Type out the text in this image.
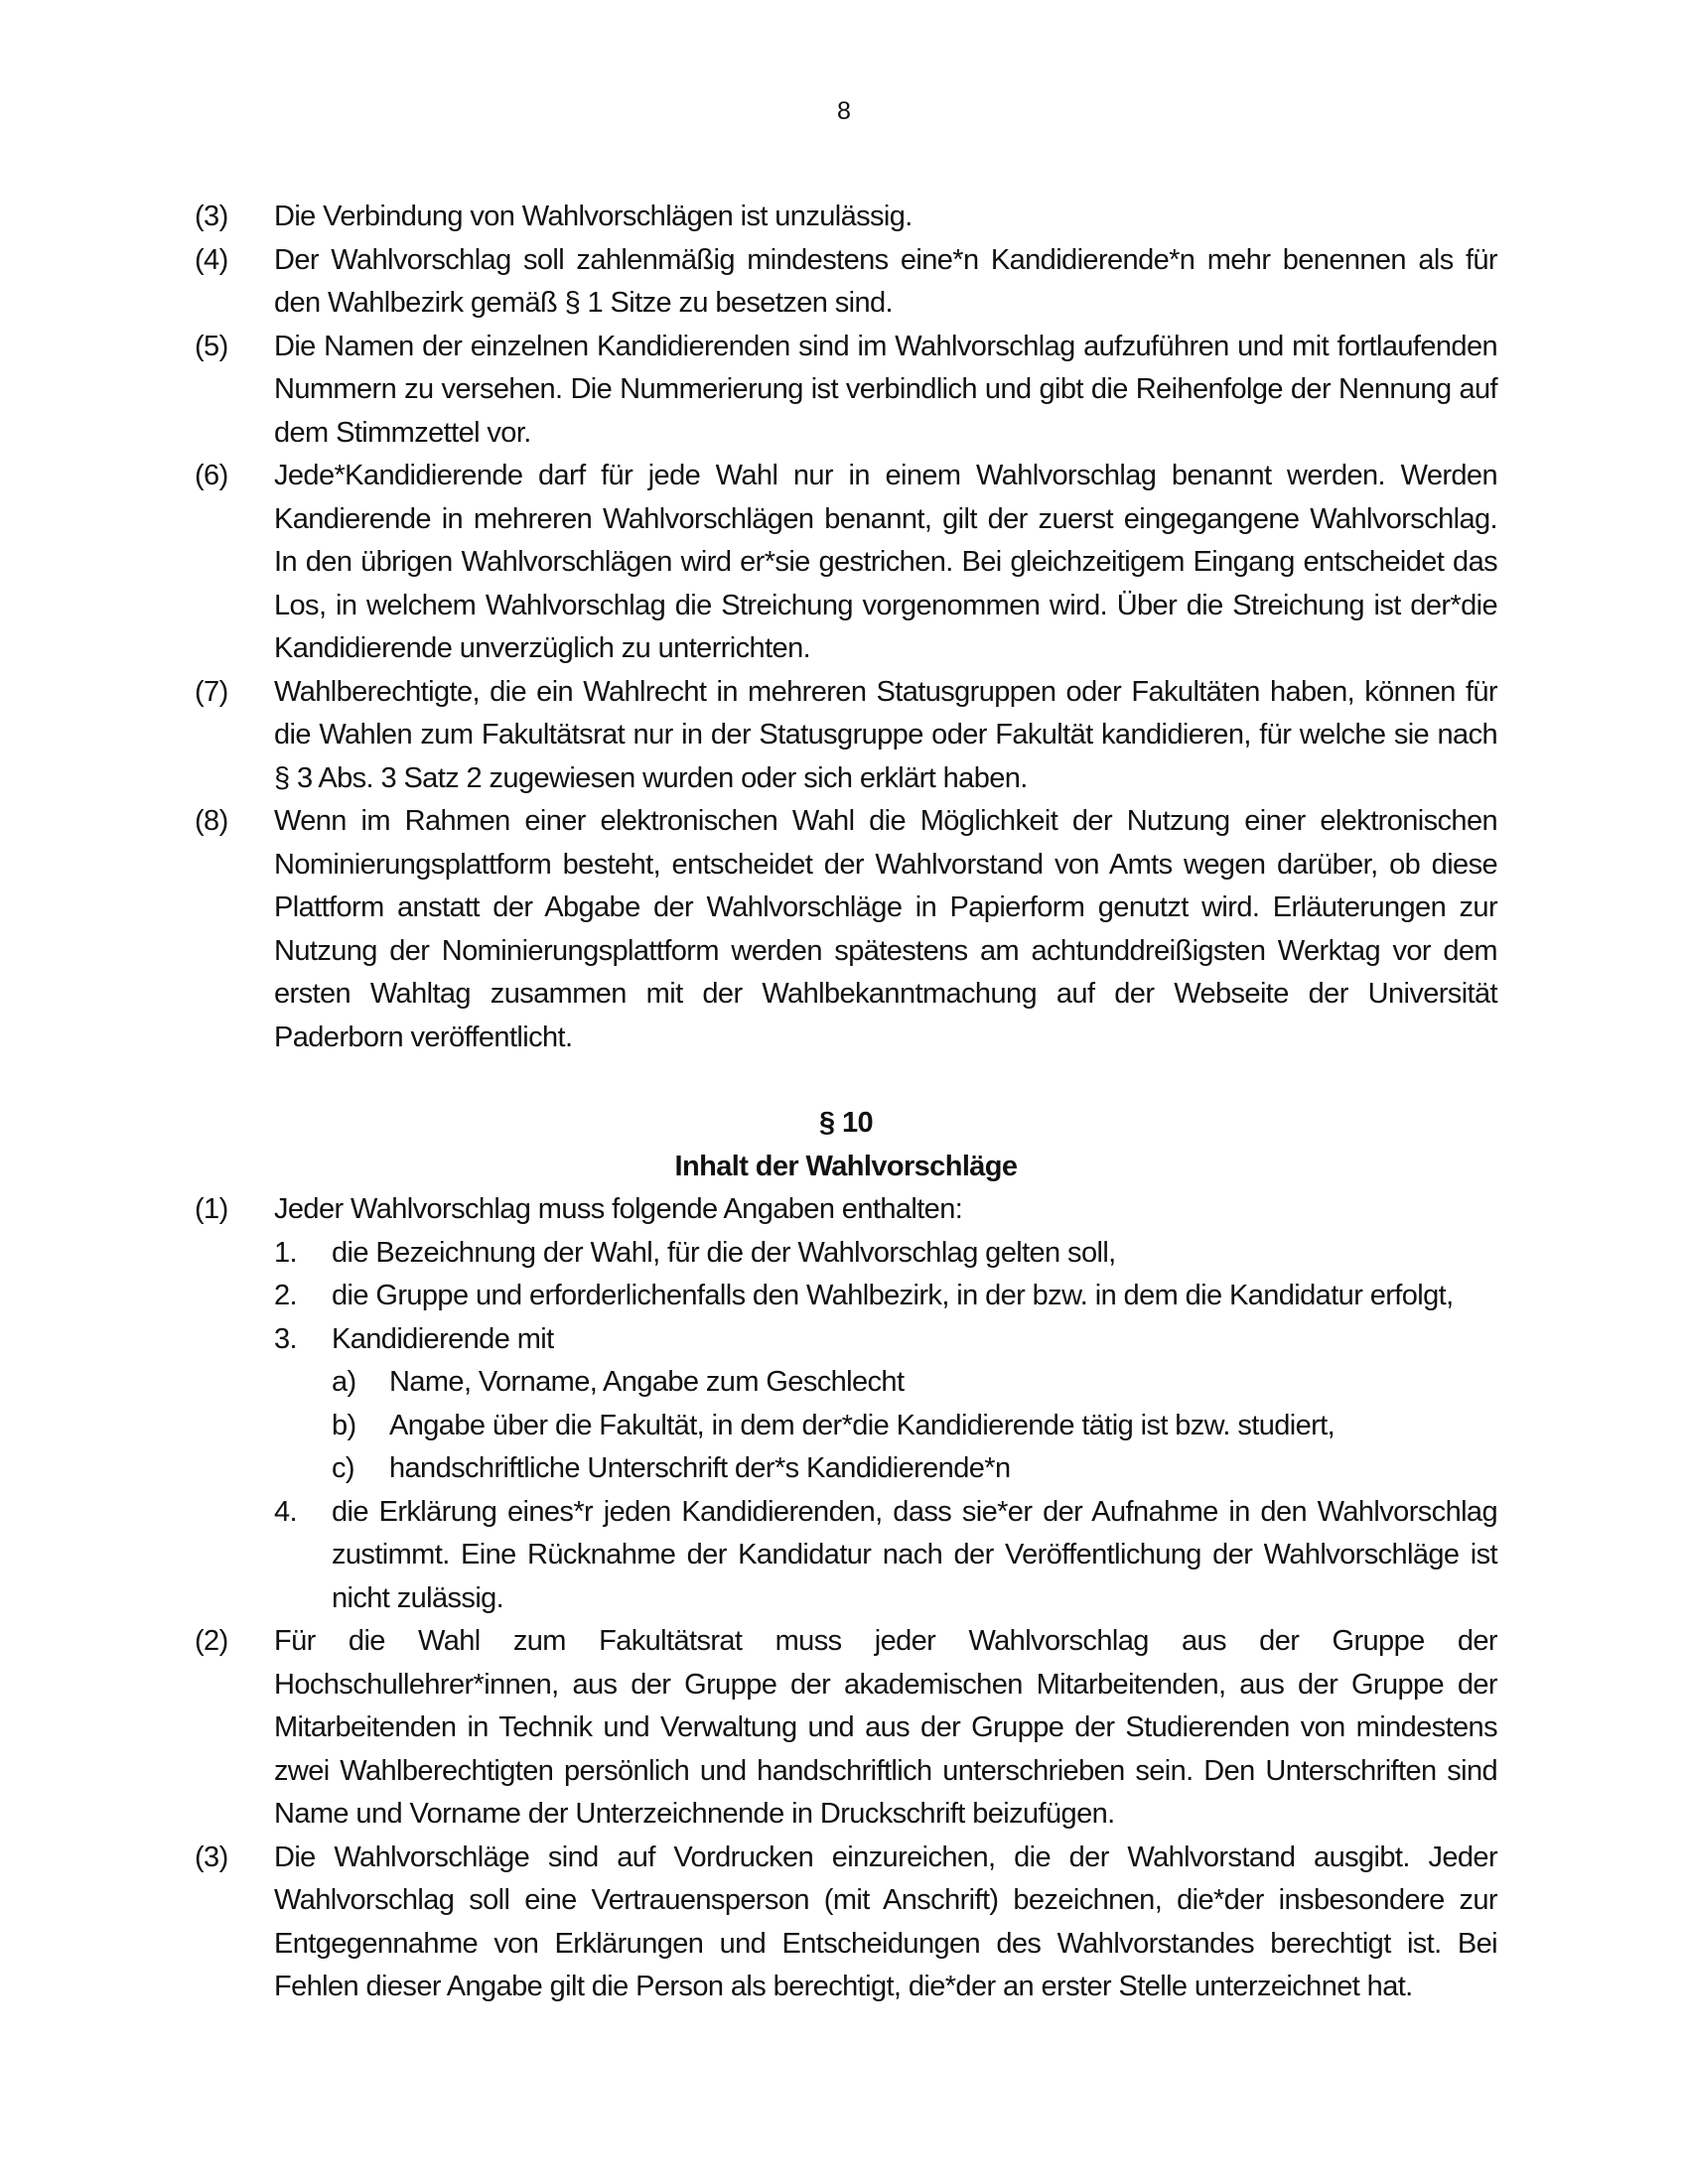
8
(3)	Die Verbindung von Wahlvorschlägen ist unzulässig.
(4)	Der Wahlvorschlag soll zahlenmäßig mindestens eine*n Kandidierende*n mehr benennen als für den Wahlbezirk gemäß § 1 Sitze zu besetzen sind.
(5)	Die Namen der einzelnen Kandidierenden sind im Wahlvorschlag aufzuführen und mit fortlaufenden Nummern zu versehen. Die Nummerierung ist verbindlich und gibt die Reihenfolge der Nennung auf dem Stimmzettel vor.
(6)	Jede*Kandidierende darf für jede Wahl nur in einem Wahlvorschlag benannt werden. Werden Kandierende in mehreren Wahlvorschlägen benannt, gilt der zuerst eingegangene Wahlvorschlag. In den übrigen Wahlvorschlägen wird er*sie gestrichen. Bei gleichzeitigem Eingang entscheidet das Los, in welchem Wahlvorschlag die Streichung vorgenommen wird. Über die Streichung ist der*die Kandidierende unverzüglich zu unterrichten.
(7)	Wahlberechtigte, die ein Wahlrecht in mehreren Statusgruppen oder Fakultäten haben, können für die Wahlen zum Fakultätsrat nur in der Statusgruppe oder Fakultät kandidieren, für welche sie nach § 3 Abs. 3 Satz 2 zugewiesen wurden oder sich erklärt haben.
(8)	Wenn im Rahmen einer elektronischen Wahl die Möglichkeit der Nutzung einer elektronischen Nominierungsplattform besteht, entscheidet der Wahlvorstand von Amts wegen darüber, ob diese Plattform anstatt der Abgabe der Wahlvorschläge in Papierform genutzt wird. Erläuterungen zur Nutzung der Nominierungsplattform werden spätestens am achtunddreißigsten Werktag vor dem ersten Wahltag zusammen mit der Wahlbekanntmachung auf der Webseite der Universität Paderborn veröffentlicht.
§ 10
Inhalt der Wahlvorschläge
(1)	Jeder Wahlvorschlag muss folgende Angaben enthalten:
1.	die Bezeichnung der Wahl, für die der Wahlvorschlag gelten soll,
2.	die Gruppe und erforderlichenfalls den Wahlbezirk, in der bzw. in dem die Kandidatur erfolgt,
3.	Kandidierende mit
a)	Name, Vorname, Angabe zum Geschlecht
b)	Angabe über die Fakultät, in dem der*die Kandidierende tätig ist bzw. studiert,
c)	handschriftliche Unterschrift der*s Kandidierende*n
4.	die Erklärung eines*r jeden Kandidierenden, dass sie*er der Aufnahme in den Wahlvorschlag zustimmt. Eine Rücknahme der Kandidatur nach der Veröffentlichung der Wahlvorschläge ist nicht zulässig.
(2)	Für die Wahl zum Fakultätsrat muss jeder Wahlvorschlag aus der Gruppe der Hochschullehrer*innen, aus der Gruppe der akademischen Mitarbeitenden, aus der Gruppe der Mitarbeitenden in Technik und Verwaltung und aus der Gruppe der Studierenden von mindestens zwei Wahlberechtigten persönlich und handschriftlich unterschrieben sein. Den Unterschriften sind Name und Vorname der Unterzeichnende in Druckschrift beizufügen.
(3)	Die Wahlvorschläge sind auf Vordrucken einzureichen, die der Wahlvorstand ausgibt. Jeder Wahlvorschlag soll eine Vertrauensperson (mit Anschrift) bezeichnen, die*der insbesondere zur Entgegennahme von Erklärungen und Entscheidungen des Wahlvorstandes berechtigt ist. Bei Fehlen dieser Angabe gilt die Person als berechtigt, die*der an erster Stelle unterzeichnet hat.
